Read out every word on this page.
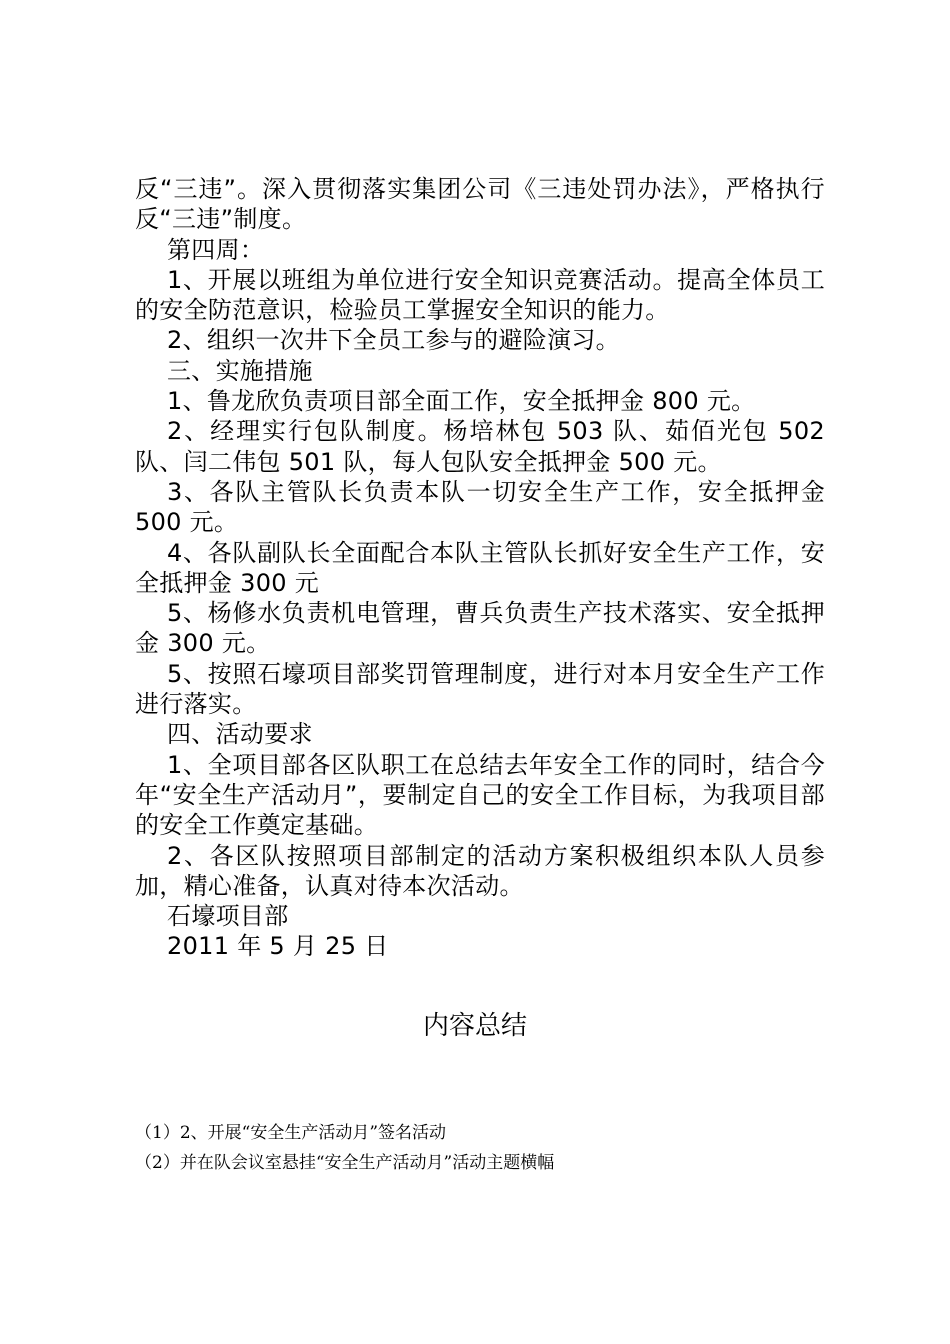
反“三违”。深入贯彻落实集团公司《三违处罚办法》，严格执行反“三违”制度。

第四周：

1、开展以班组为单位进行安全知识竞赛活动。提高全体员工的安全防范意识，检验员工掌握安全知识的能力。

2、组织一次井下全员工参与的避险演习。

三、实施措施

1、鲁龙欣负责项目部全面工作，安全抵押金 800 元。

2、经理实行包队制度。杨培林包 503 队、茹佰光包 502 队、闫二伟包 501 队，每人包队安全抵押金 500 元。

3、各队主管队长负责本队一切安全生产工作，安全抵押金 500 元。

4、各队副队长全面配合本队主管队长抓好安全生产工作，安全抵押金 300 元

5、杨修水负责机电管理，曹兵负责生产技术落实、安全抵押金 300 元。

5、按照石壕项目部奖罚管理制度，进行对本月安全生产工作进行落实。

四、活动要求

1、全项目部各区队职工在总结去年安全工作的同时，结合今年“安全生产活动月”，要制定自己的安全工作目标，为我项目部的安全工作奠定基础。

2、各区队按照项目部制定的活动方案积极组织本队人员参加，精心准备，认真对待本次活动。

石壕项目部

2011 年 5 月 25 日

内容总结

（1）2、开展“安全生产活动月”签名活动

（2）并在队会议室悬挂“安全生产活动月”活动主题横幅
